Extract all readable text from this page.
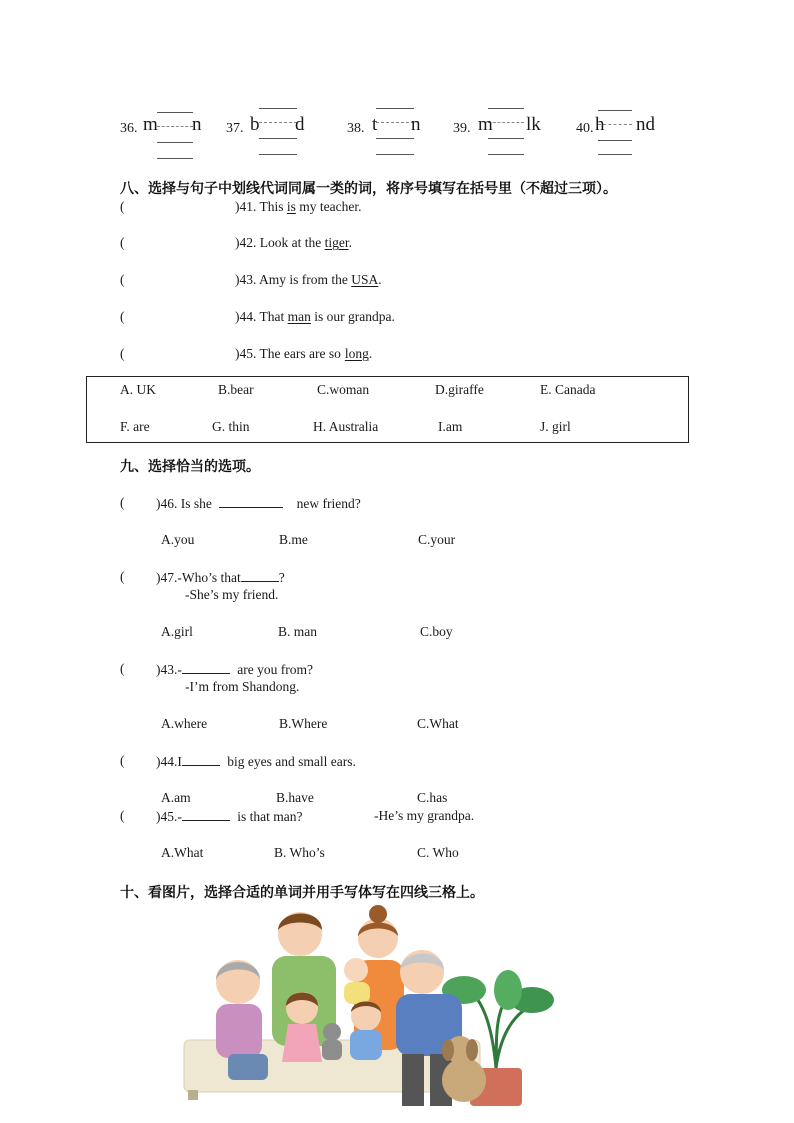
36. m n 37. b d	38. t n 39. m lk	40. h nd
八、选择与句子中划线代词同属一类的词，将序号填写在括号里（不超过三项）。
(	)41. This is my teacher.
(	)42. Look at the tiger.
(	)43. Amy is from the USA.
(	)44. That man is our grandpa.
(	)45. The ears are so long.
A. UK	B.bear	C.woman	D.giraffe	E. Canada
F. are	G. thin	H. Australia	I.am	J. girl
九、选择恰当的选项。
( )46. Is she	new friend?
A.you	B.me	C.your
( )47.-Who’s that	?
-She’s my friend.
A.girl	B. man	C.boy
( )43.-	are you from?
-I’m from Shandong.
A.where	B.Where	C.What
( )44.I	big eyes and small ears.
A.am	B.have	C.has
( )45.-	is that man?	-He’s my grandpa.
A.What	B. Who’s	C. Who
十、看图片，选择合适的单词并用手写体写在四线三格上。
